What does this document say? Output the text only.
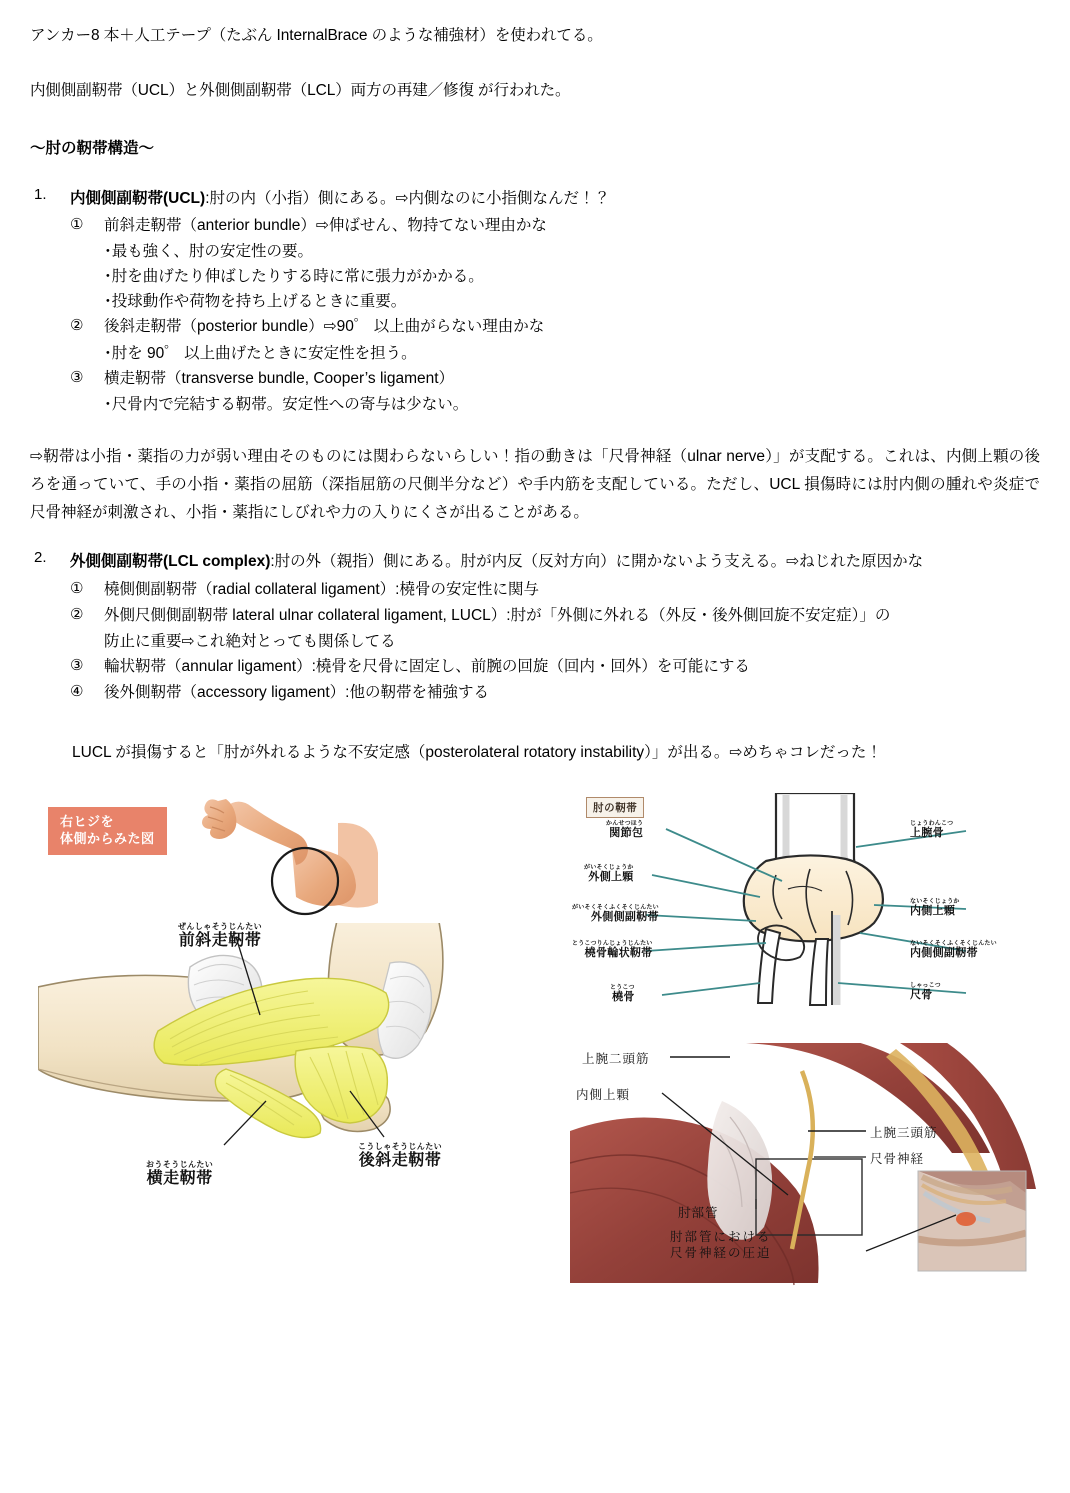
アンカー8 本＋人工テープ（たぶん InternalBrace のような補強材）を使われてる。

内側側副靭帯（UCL）と外側側副靭帯（LCL）両方の再建／修復 が行われた。

〜肘の靭帯構造〜

1.	内側側副靭帯(UCL):肘の内（小指）側にある。⇨内側なのに小指側なんだ！？
①	前斜走靭帯（anterior bundle）⇨伸ばせん、物持てない理由かな
･最も強く、肘の安定性の要。
･肘を曲げたり伸ばしたりする時に常に張力がかかる。
･投球動作や荷物を持ち上げるときに重要。
②	後斜走靭帯（posterior bundle）⇨90゜ 以上曲がらない理由かな
･肘を 90゜ 以上曲げたときに安定性を担う。
③	横走靭帯（transverse bundle, Cooper’s ligament）
･尺骨内で完結する靭帯。安定性への寄与は少ない。

⇨靭帯は小指・薬指の力が弱い理由そのものには関わらないらしい！指の動きは「尺骨神経（ulnar nerve）」が支配する。これは、内側上顆の後ろを通っていて、手の小指・薬指の屈筋（深指屈筋の尺側半分など）や手内筋を支配している。ただし、UCL 損傷時には肘内側の腫れや炎症で尺骨神経が刺激され、小指・薬指にしびれや力の入りにくさが出ることがある。

2.	外側側副靭帯(LCL complex):肘の外（親指）側にある。肘が内反（反対方向）に開かないよう支える。⇨ねじれた原因かな
①	橈側側副靭帯（radial collateral ligament）:橈骨の安定性に関与
②	外側尺側側副靭帯 lateral ulnar collateral ligament, LUCL）:肘が「外側に外れる（外反・後外側回旋不安定症）」の
防止に重要⇨これ絶対とっても関係してる
③	輪状靭帯（annular ligament）:橈骨を尺骨に固定し、前腕の回旋（回内・回外）を可能にする
④	後外側靭帯（accessory ligament）:他の靭帯を補強する

LUCL が損傷すると「肘が外れるような不安定感（posterolateral rotatory instability）」が出る。⇨めちゃコレだった！

右ヒジを
体側からみた図
ぜんしゃそうじんたい
前斜走靭帯
おうそうじんたい
横走靭帯
こうしゃそうじんたい
後斜走靭帯
肘の靭帯
かんせつほう
関節包
がいそくじょうか
外側上顆
がいそくそくふくそくじんたい
外側側副靭帯
とうこつりんじょうじんたい
橈骨輪状靭帯
とうこつ
橈骨
じょうわんこつ
上腕骨
ないそくじょうか
内側上顆
ないそくそくふくそくじんたい
内側側副靭帯
しゃっこつ
尺骨
上腕二頭筋
内側上顆
上腕三頭筋
尺骨神経
肘部管
肘部管における
尺骨神経の圧迫
